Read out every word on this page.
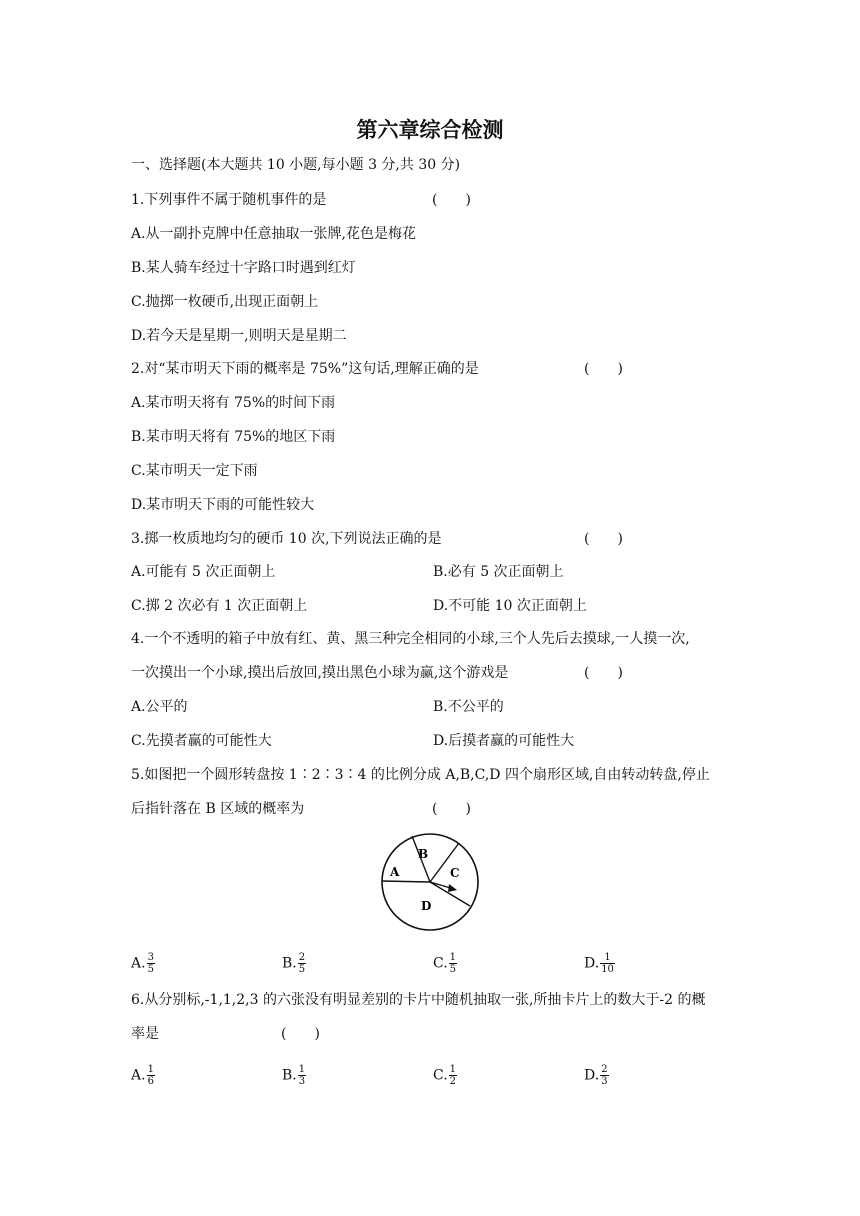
第六章综合检测
一、选择题(本大题共 10 小题,每小题 3 分,共 30 分)
1.下列事件不属于随机事件的是	(　　)
A.从一副扑克牌中任意抽取一张牌,花色是梅花
B.某人骑车经过十字路口时遇到红灯
C.抛掷一枚硬币,出现正面朝上
D.若今天是星期一,则明天是星期二
2.对“某市明天下雨的概率是 75%”这句话,理解正确的是	(　　)
A.某市明天将有 75%的时间下雨
B.某市明天将有 75%的地区下雨
C.某市明天一定下雨
D.某市明天下雨的可能性较大
3.掷一枚质地均匀的硬币 10 次,下列说法正确的是	(　　)
A.可能有 5 次正面朝上	B.必有 5 次正面朝上
C.掷 2 次必有 1 次正面朝上	D.不可能 10 次正面朝上
4.一个不透明的箱子中放有红、黄、黑三种完全相同的小球,三个人先后去摸球,一人摸一次,
一次摸出一个小球,摸出后放回,摸出黑色小球为赢,这个游戏是	(　　)
A.公平的	B.不公平的
C.先摸者赢的可能性大	D.后摸者赢的可能性大
5.如图把一个圆形转盘按 1∶2∶3∶4 的比例分成 A,B,C,D 四个扇形区域,自由转动转盘,停止
后指针落在 B 区域的概率为	(　　)
A
B
C
D
A. $\frac{3}{5}$	B. $\frac{2}{5}$	C. $\frac{1}{5}$	D. $\frac{1}{10}$
6.从分别标,-1,1,2,3 的六张没有明显差别的卡片中随机抽取一张,所抽卡片上的数大于-2 的概
率是	(　　)
A. $\frac{1}{6}$	B. $\frac{1}{3}$	C. $\frac{1}{2}$	D. $\frac{2}{3}$
